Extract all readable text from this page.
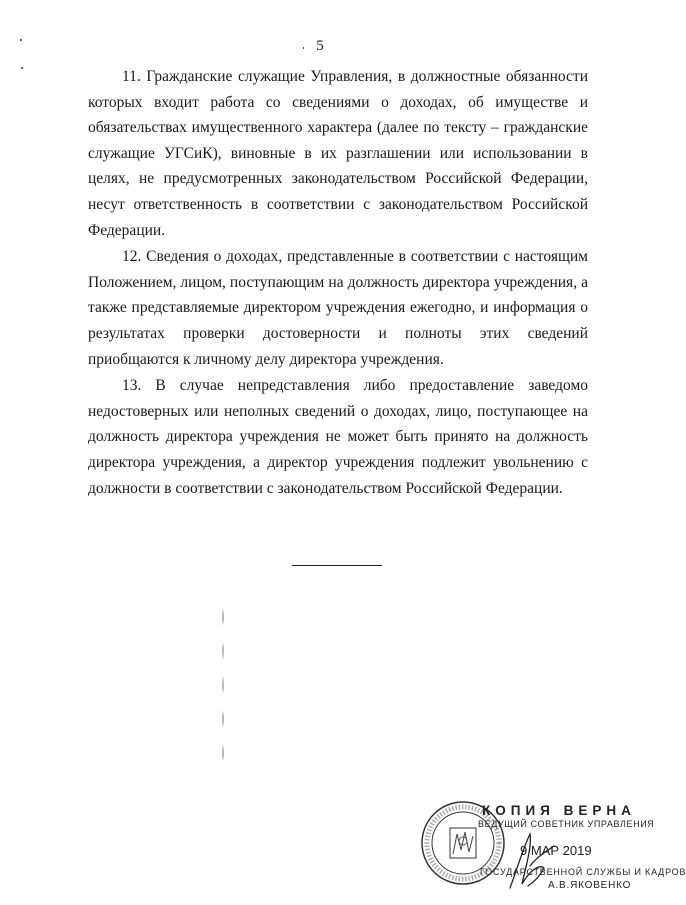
5

11. Гражданские служащие Управления, в должностные обязанности которых входит работа со сведениями о доходах, об имуществе и обязательствах имущественного характера (далее по тексту – гражданские служащие УГСиК), виновные в их разглашении или использовании в целях, не предусмотренных законодательством Российской Федерации, несут ответственность в соответствии с законодательством Российской Федерации.

12. Сведения о доходах, представленные в соответствии с настоящим Положением, лицом, поступающим на должность директора учреждения, а также представляемые директором учреждения ежегодно, и информация о результатах проверки достоверности и полноты этих сведений приобщаются к личному делу директора учреждения.

13. В случае непредставления либо предоставление заведомо недостоверных или неполных сведений о доходах, лицо, поступающее на должность директора учреждения не может быть принято на должность директора учреждения, а директор учреждения подлежит увольнению с должности в соответствии с законодательством Российской Федерации.

КОПИЯ ВЕРНА
ВЕДУЩИЙ СОВЕТНИК УПРАВЛЕНИЯ
9 МАР 2019
ГОСУДАРСТВЕННОЙ СЛУЖБЫ И КАДРОВ
А.В.ЯКОВЕНКО
